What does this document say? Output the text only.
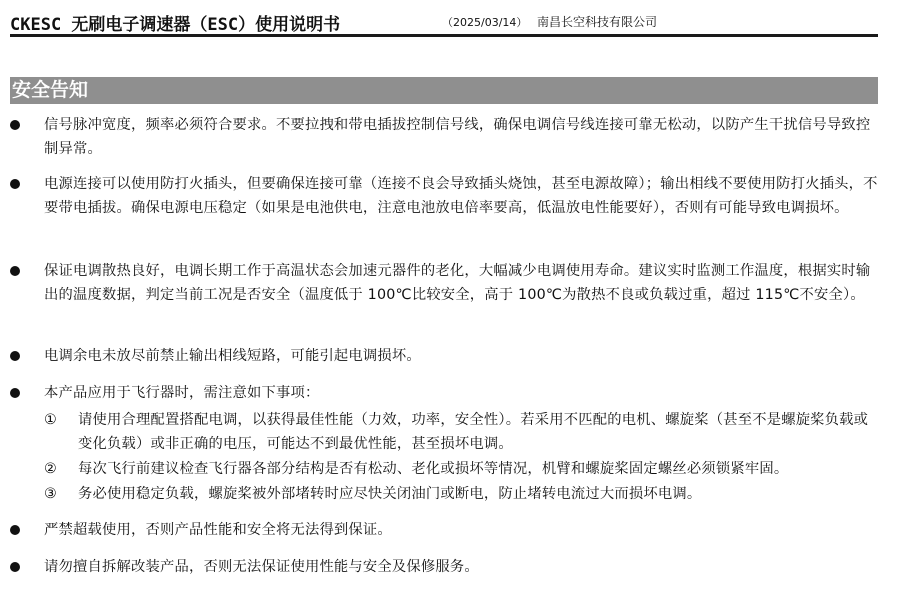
CKESC 无刷电子调速器（ESC）使用说明书	（2025/03/14） 南昌长空科技有限公司
安全告知
信号脉冲宽度，频率必须符合要求。不要拉拽和带电插拔控制信号线，确保电调信号线连接可靠无松动，以防产生干扰信号导致控制异常。
电源连接可以使用防打火插头，但要确保连接可靠（连接不良会导致插头烧蚀，甚至电源故障）；输出相线不要使用防打火插头，不要带电插拔。确保电源电压稳定（如果是电池供电，注意电池放电倍率要高，低温放电性能要好），否则有可能导致电调损坏。
保证电调散热良好，电调长期工作于高温状态会加速元器件的老化，大幅减少电调使用寿命。建议实时监测工作温度，根据实时输出的温度数据，判定当前工况是否安全（温度低于 100℃比较安全，高于 100℃为散热不良或负载过重，超过 115℃不安全）。
电调余电未放尽前禁止输出相线短路，可能引起电调损坏。
本产品应用于飞行器时，需注意如下事项：
① 请使用合理配置搭配电调，以获得最佳性能（力效，功率，安全性）。若采用不匹配的电机、螺旋桨（甚至不是螺旋桨负载或变化负载）或非正确的电压，可能达不到最优性能，甚至损坏电调。
② 每次飞行前建议检查飞行器各部分结构是否有松动、老化或损坏等情况，机臂和螺旋桨固定螺丝必须锁紧牢固。
③ 务必使用稳定负载，螺旋桨被外部堵转时应尽快关闭油门或断电，防止堵转电流过大而损坏电调。
严禁超载使用，否则产品性能和安全将无法得到保证。
请勿擅自拆解改装产品，否则无法保证使用性能与安全及保修服务。
